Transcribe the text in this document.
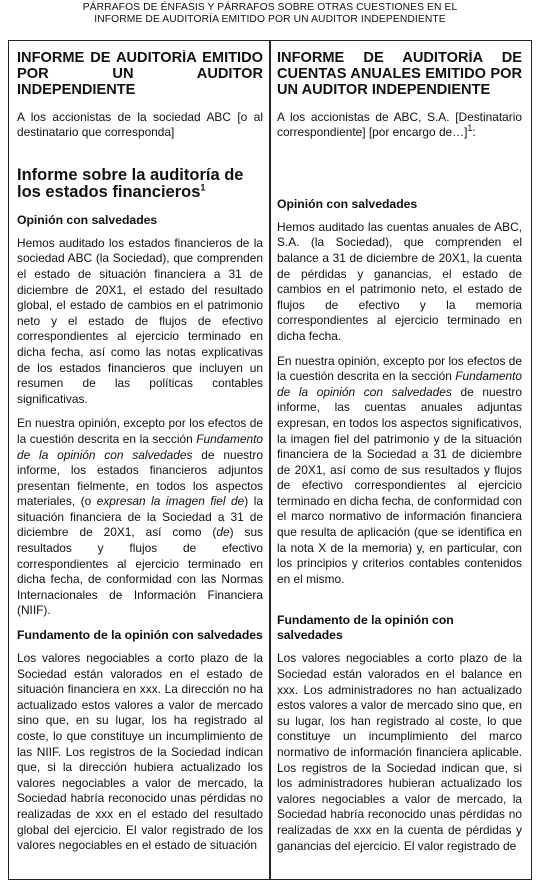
PÁRRAFOS DE ÉNFASIS Y PÁRRAFOS SOBRE OTRAS CUESTIONES EN EL
INFORME DE AUDITORÍA EMITIDO POR UN AUDITOR INDEPENDIENTE
INFORME DE AUDITORÍA EMITIDO POR UN AUDITOR INDEPENDIENTE

A los accionistas de la sociedad ABC [o al destinatario que corresponda]

Informe sobre la auditoría de los estados financieros$^1$
Opinión con salvedades

Hemos auditado los estados financieros de la sociedad ABC (la Sociedad), que comprenden el estado de situación financiera a 31 de diciembre de 20X1, el estado del resultado global, el estado de cambios en el patrimonio neto y el estado de flujos de efectivo correspondientes al ejercicio terminado en dicha fecha, así como las notas explicativas de los estados financieros que incluyen un resumen de las políticas contables significativas.

En nuestra opinión, excepto por los efectos de la cuestión descrita en la sección Fundamento de la opinión con salvedades de nuestro informe, los estados financieros adjuntos presentan fielmente, en todos los aspectos materiales, (o expresan la imagen fiel de) la situación financiera de la Sociedad a 31 de diciembre de 20X1, así como (de) sus resultados y flujos de efectivo correspondientes al ejercicio terminado en dicha fecha, de conformidad con las Normas Internacionales de Información Financiera (NIIF).

Fundamento de la opinión con salvedades

Los valores negociables a corto plazo de la Sociedad están valorados en el estado de situación financiera en xxx. La dirección no ha actualizado estos valores a valor de mercado sino que, en su lugar, los ha registrado al coste, lo que constituye un incumplimiento de las NIIF. Los registros de la Sociedad indican que, si la dirección hubiera actualizado los valores negociables a valor de mercado, la Sociedad habría reconocido unas pérdidas no realizadas de xxx en el estado del resultado global del ejercicio. El valor registrado de los valores negociables en el estado de situación

INFORME DE AUDITORÍA DE CUENTAS ANUALES EMITIDO POR UN AUDITOR INDEPENDIENTE

A los accionistas de ABC, S.A. [Destinatario correspondiente] [por encargo de…]$^1$:

Opinión con salvedades

Hemos auditado las cuentas anuales de ABC, S.A. (la Sociedad), que comprenden el balance a 31 de diciembre de 20X1, la cuenta de pérdidas y ganancias, el estado de cambios en el patrimonio neto, el estado de flujos de efectivo y la memoria correspondientes al ejercicio terminado en dicha fecha.

En nuestra opinión, excepto por los efectos de la cuestión descrita en la sección Fundamento de la opinión con salvedades de nuestro informe, las cuentas anuales adjuntas expresan, en todos los aspectos significativos, la imagen fiel del patrimonio y de la situación financiera de la Sociedad a 31 de diciembre de 20X1, así como de sus resultados y flujos de efectivo correspondientes al ejercicio terminado en dicha fecha, de conformidad con el marco normativo de información financiera que resulta de aplicación (que se identifica en la nota X de la memoria) y, en particular, con los principios y criterios contables contenidos en el mismo.

Fundamento de la opinión con salvedades

Los valores negociables a corto plazo de la Sociedad están valorados en el balance en xxx. Los administradores no han actualizado estos valores a valor de mercado sino que, en su lugar, los han registrado al coste, lo que constituye un incumplimiento del marco normativo de información financiera aplicable. Los registros de la Sociedad indican que, si los administradores hubieran actualizado los valores negociables a valor de mercado, la Sociedad habría reconocido unas pérdidas no realizadas de xxx en la cuenta de pérdidas y ganancias del ejercicio. El valor registrado de
